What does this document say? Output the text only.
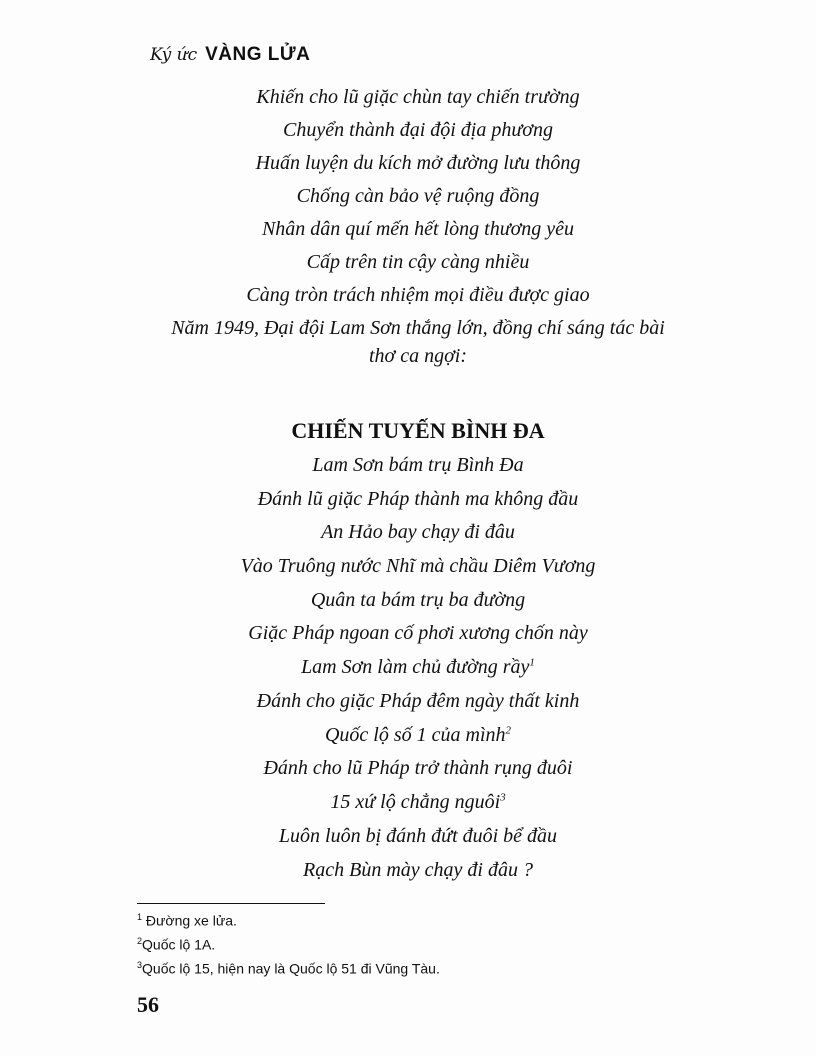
Ký ức VÀNG LỬA
Khiến cho lũ giặc chùn tay chiến trường
Chuyển thành đại đội địa phương
Huấn luyện du kích mở đường lưu thông
Chống càn bảo vệ ruộng đồng
Nhân dân quí mến hết lòng thương yêu
Cấp trên tin cậy càng nhiều
Càng tròn trách nhiệm mọi điều được giao
Năm 1949, Đại đội Lam Sơn thắng lớn, đồng chí sáng tác bài
thơ ca ngợi:
CHIẾN TUYẾN BÌNH ĐA
Lam Sơn bám trụ Bình Đa
Đánh lũ giặc Pháp thành ma không đầu
An Hảo bay chạy đi đâu
Vào Truông nước Nhĩ mà chầu Diêm Vương
Quân ta bám trụ ba đường
Giặc Pháp ngoan cố phơi xương chốn này
Lam Sơn làm chủ đường rầy$^1$
Đánh cho giặc Pháp đêm ngày thất kinh
Quốc lộ số 1 của mình$^2$
Đánh cho lũ Pháp trở thành rụng đuôi
15 xứ lộ chẳng nguôi$^3$
Luôn luôn bị đánh đứt đuôi bể đầu
Rạch Bùn mày chạy đi đâu ?
$^1$ Đường xe lửa.
$^2$Quốc lộ 1A.
$^3$Quốc lộ 15, hiện nay là Quốc lộ 51 đi Vũng Tàu.
56
